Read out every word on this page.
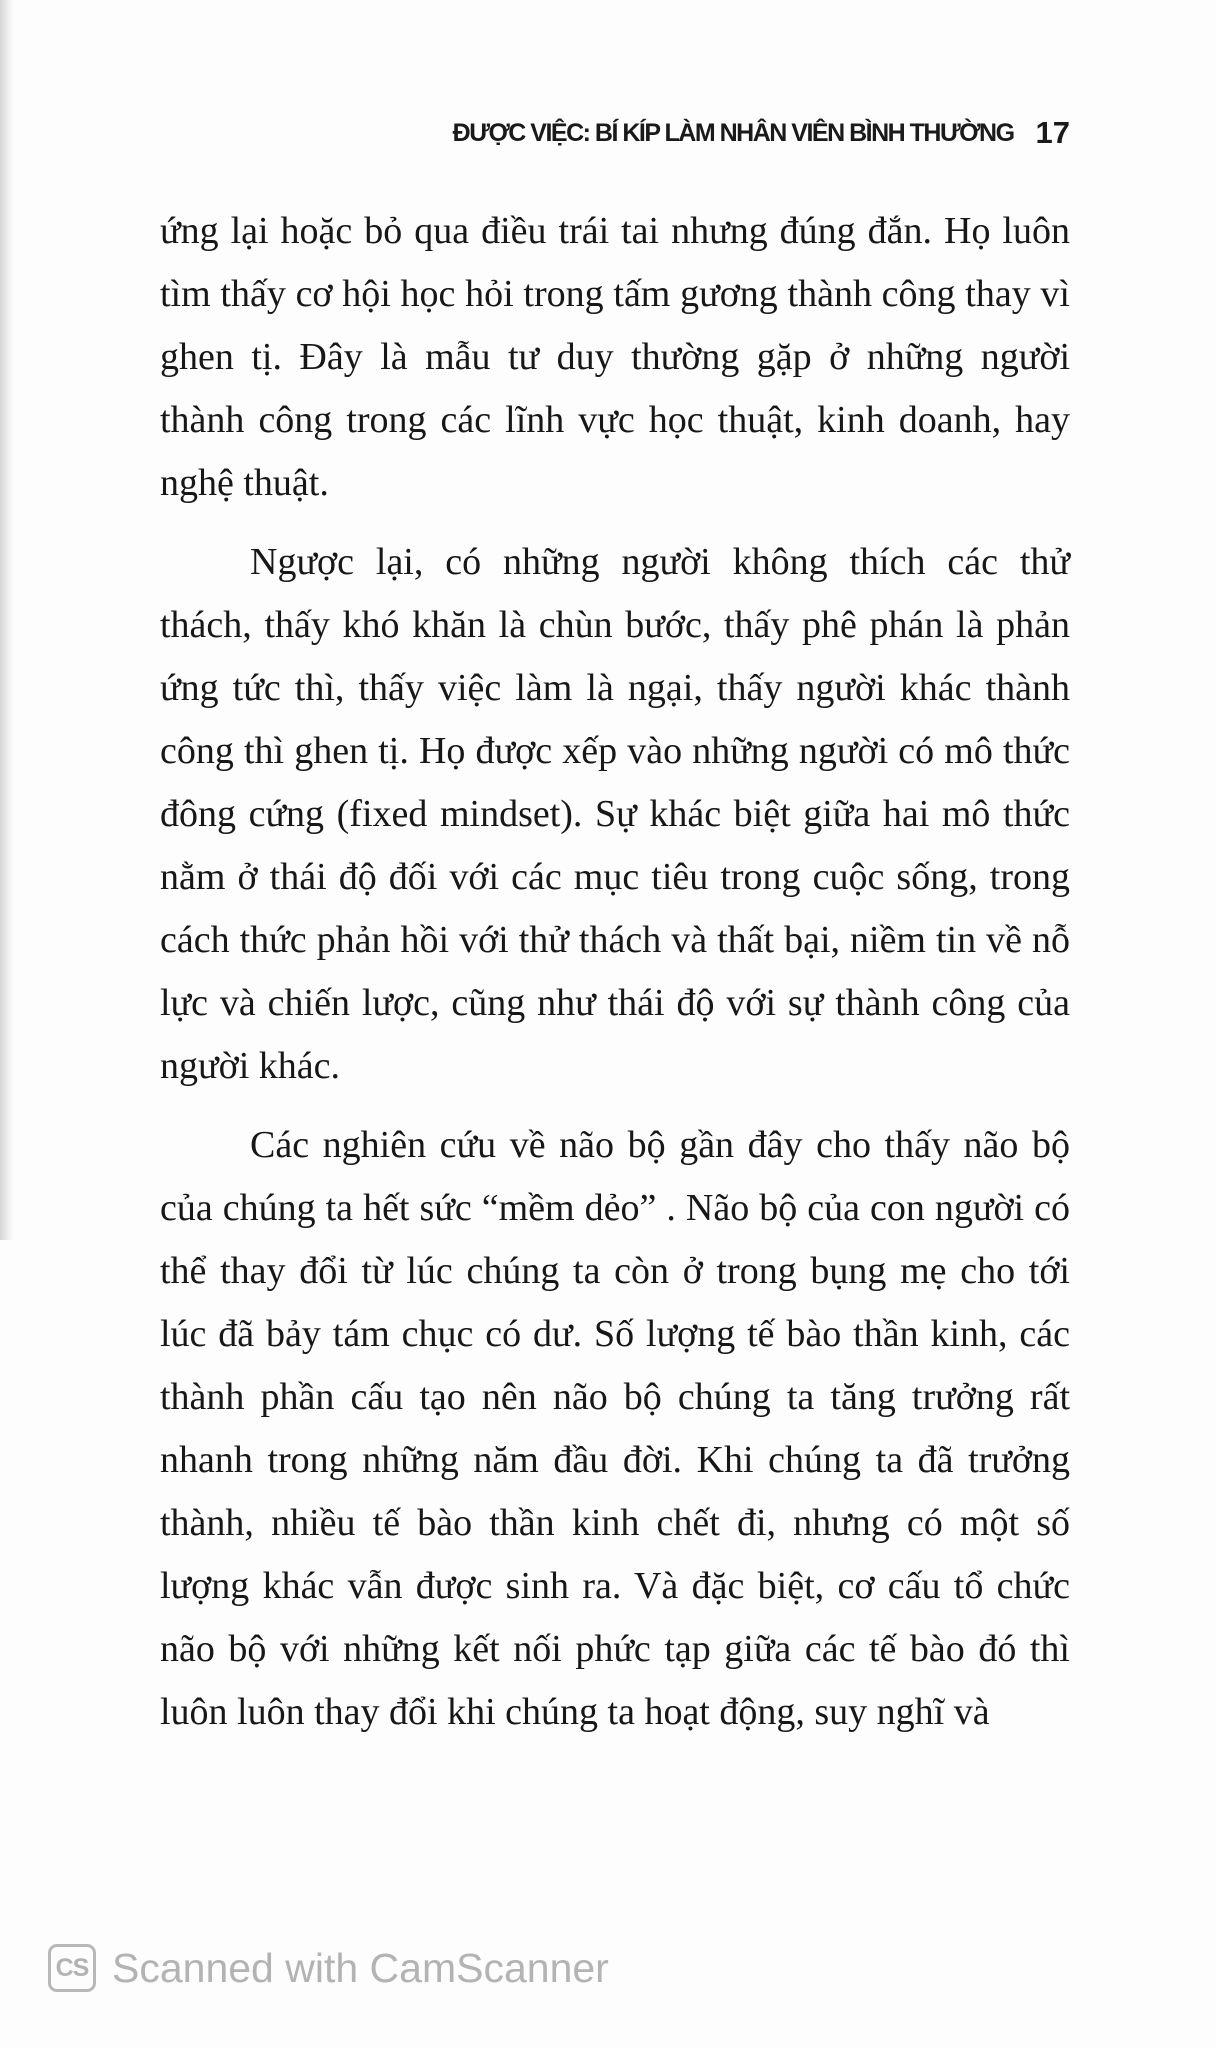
ĐƯỢC VIỆC: BÍ KÍP LÀM NHÂN VIÊN BÌNH THƯỜNG 17

ứng lại hoặc bỏ qua điều trái tai nhưng đúng đắn. Họ luôn tìm thấy cơ hội học hỏi trong tấm gương thành công thay vì ghen tị. Đây là mẫu tư duy thường gặp ở những người thành công trong các lĩnh vực học thuật, kinh doanh, hay nghệ thuật.

Ngược lại, có những người không thích các thử thách, thấy khó khăn là chùn bước, thấy phê phán là phản ứng tức thì, thấy việc làm là ngại, thấy người khác thành công thì ghen tị. Họ được xếp vào những người có mô thức đông cứng (fixed mindset). Sự khác biệt giữa hai mô thức nằm ở thái độ đối với các mục tiêu trong cuộc sống, trong cách thức phản hồi với thử thách và thất bại, niềm tin về nỗ lực và chiến lược, cũng như thái độ với sự thành công của người khác.

Các nghiên cứu về não bộ gần đây cho thấy não bộ của chúng ta hết sức “mềm dẻo” . Não bộ của con người có thể thay đổi từ lúc chúng ta còn ở trong bụng mẹ cho tới lúc đã bảy tám chục có dư. Số lượng tế bào thần kinh, các thành phần cấu tạo nên não bộ chúng ta tăng trưởng rất nhanh trong những năm đầu đời. Khi chúng ta đã trưởng thành, nhiều tế bào thần kinh chết đi, nhưng có một số lượng khác vẫn được sinh ra. Và đặc biệt, cơ cấu tổ chức não bộ với những kết nối phức tạp giữa các tế bào đó thì luôn luôn thay đổi khi chúng ta hoạt động, suy nghĩ và

CS Scanned with CamScanner
